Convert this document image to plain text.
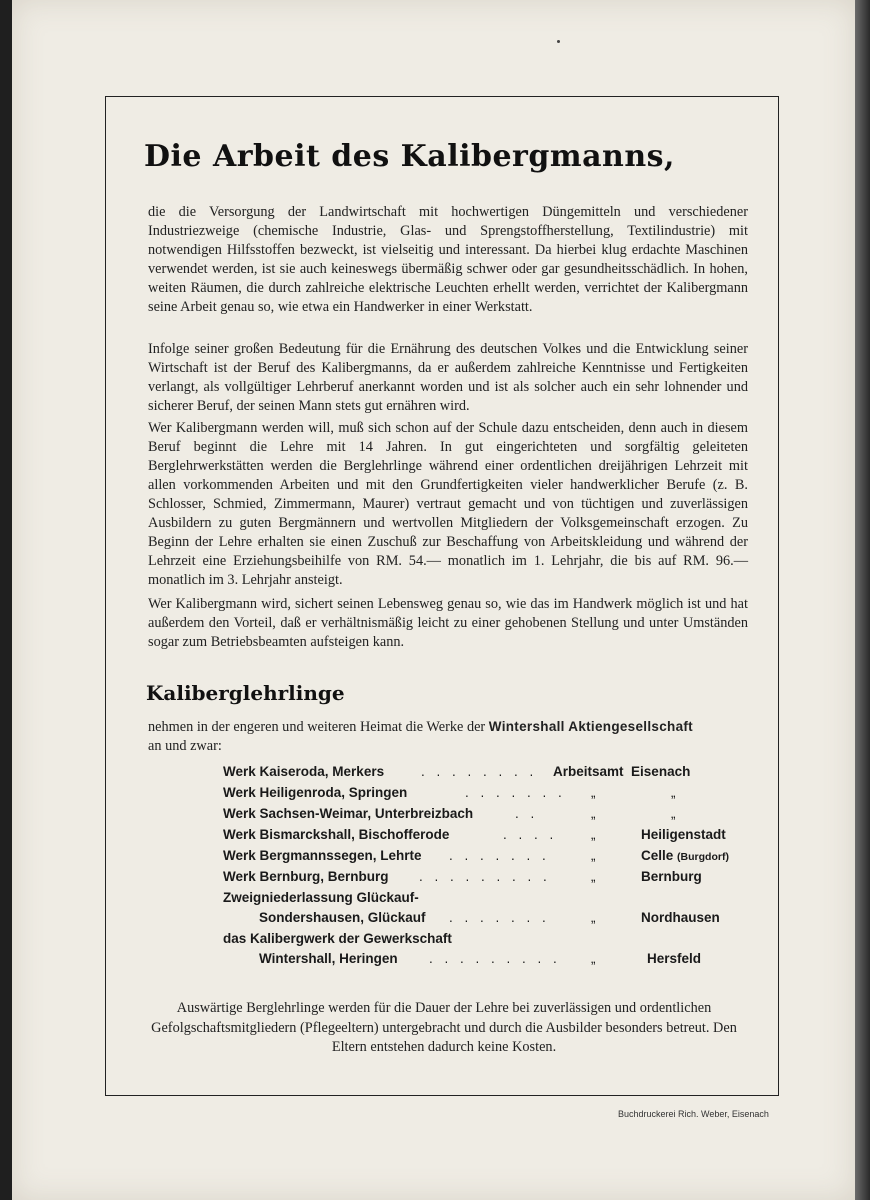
Die Arbeit des Kalibergmanns,

die die Versorgung der Landwirtschaft mit hochwertigen Düngemitteln und verschiedener Industriezweige (chemische Industrie, Glas- und Sprengstoffherstellung, Textilindustrie) mit notwendigen Hilfsstoffen bezweckt, ist vielseitig und interessant. Da hierbei klug erdachte Maschinen verwendet werden, ist sie auch keineswegs übermäßig schwer oder gar gesundheitsschädlich. In hohen, weiten Räumen, die durch zahlreiche elektrische Leuchten erhellt werden, verrichtet der Kalibergmann seine Arbeit genau so, wie etwa ein Handwerker in einer Werkstatt.

Infolge seiner großen Bedeutung für die Ernährung des deutschen Volkes und die Entwicklung seiner Wirtschaft ist der Beruf des Kalibergmanns, da er außerdem zahlreiche Kenntnisse und Fertigkeiten verlangt, als vollgültiger Lehrberuf anerkannt worden und ist als solcher auch ein sehr lohnender und sicherer Beruf, der seinen Mann stets gut ernähren wird.

Wer Kalibergmann werden will, muß sich schon auf der Schule dazu entscheiden, denn auch in diesem Beruf beginnt die Lehre mit 14 Jahren. In gut eingerichteten und sorgfältig geleiteten Berglehrwerkstätten werden die Berglehrlinge während einer ordentlichen dreijährigen Lehrzeit mit allen vorkommenden Arbeiten und mit den Grundfertigkeiten vieler handwerklicher Berufe (z. B. Schlosser, Schmied, Zimmermann, Maurer) vertraut gemacht und von tüchtigen und zuverlässigen Ausbildern zu guten Bergmännern und wertvollen Mitgliedern der Volksgemeinschaft erzogen. Zu Beginn der Lehre erhalten sie einen Zuschuß zur Beschaffung von Arbeitskleidung und während der Lehrzeit eine Erziehungsbeihilfe von RM. 54.— monatlich im 1. Lehrjahr, die bis auf RM. 96.— monatlich im 3. Lehrjahr ansteigt.

Wer Kalibergmann wird, sichert seinen Lebensweg genau so, wie das im Handwerk möglich ist und hat außerdem den Vorteil, daß er verhältnismäßig leicht zu einer gehobenen Stellung und unter Umständen sogar zum Betriebsbeamten aufsteigen kann.

Kaliberglehrlinge

nehmen in der engeren und weiteren Heimat die Werke der Wintershall Aktiengesellschaft
an und zwar:

Werk Kaiseroda, Merkers	. . . . . . . . Arbeitsamt Eisenach
Werk Heiligenroda, Springen	. . . . . . . „	„
Werk Sachsen-Weimar, Unterbreizbach	. .	„	„
Werk Bismarckshall, Bischofferode	. . . . „	Heiligenstadt
Werk Bergmannssegen, Lehrte . . . . . . .	„	Celle (Burgdorf)
Werk Bernburg, Bernburg . . . . . . . . .	„	Bernburg
Zweigniederlassung Glückauf-
Sondershausen, Glückauf . . . . . . .	„	Nordhausen
das Kalibergwerk der Gewerkschaft
Wintershall, Heringen . . . . . . . . . „	Hersfeld

Auswärtige Berglehrlinge werden für die Dauer der Lehre bei zuverlässigen und ordentlichen Gefolgschaftsmitgliedern (Pflegeeltern) untergebracht und durch die Ausbilder besonders betreut. Den Eltern entstehen dadurch keine Kosten.

Buchdruckerei Rich. Weber, Eisenach
